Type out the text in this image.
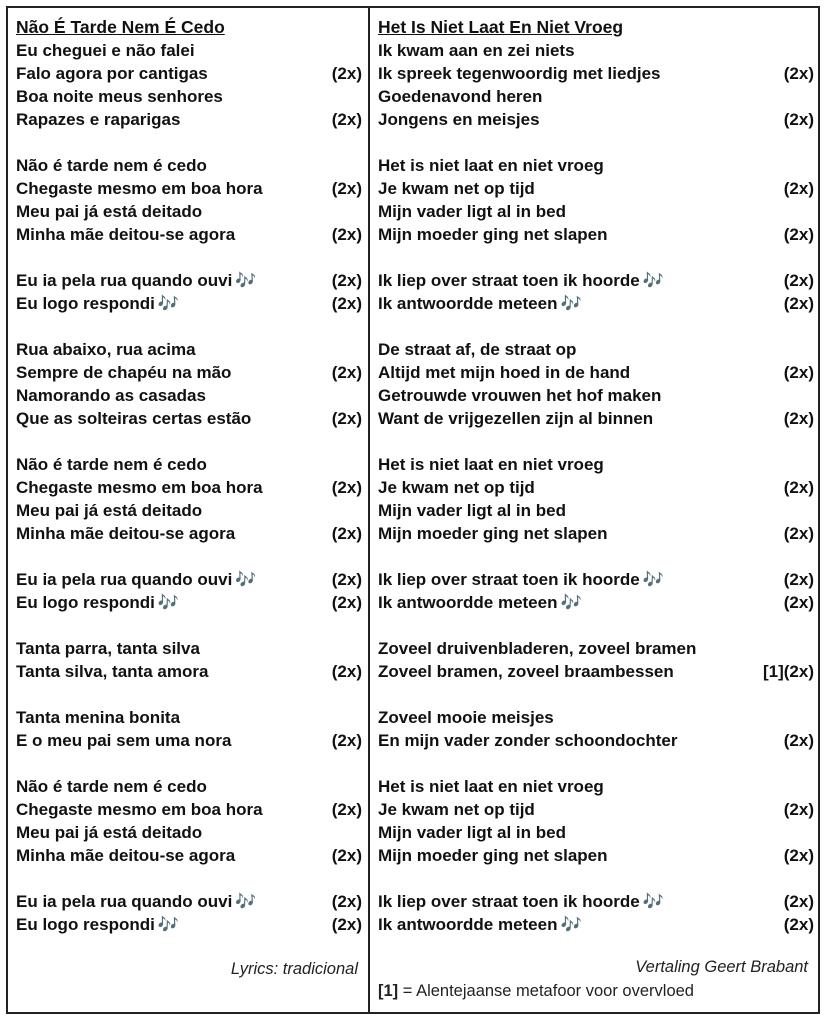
Não É Tarde Nem É Cedo
Eu cheguei e não falei
Falo agora por cantigas	(2x)
Boa noite meus senhores
Rapazes e raparigas	(2x)
Não é tarde nem é cedo
Chegaste mesmo em boa hora	(2x)
Meu pai já está deitado
Minha mãe deitou-se agora	(2x)
Eu ia pela rua quando ouvi 🎶	(2x)
Eu logo respondi 🎶	(2x)
Rua abaixo, rua acima
Sempre de chapéu na mão	(2x)
Namorando as casadas
Que as solteiras certas estão	(2x)
Não é tarde nem é cedo
Chegaste mesmo em boa hora	(2x)
Meu pai já está deitado
Minha mãe deitou-se agora	(2x)
Eu ia pela rua quando ouvi 🎶	(2x)
Eu logo respondi 🎶	(2x)
Tanta parra, tanta silva
Tanta silva, tanta amora	(2x)
Tanta menina bonita
E o meu pai sem uma nora	(2x)
Não é tarde nem é cedo
Chegaste mesmo em boa hora	(2x)
Meu pai já está deitado
Minha mãe deitou-se agora	(2x)
Eu ia pela rua quando ouvi 🎶	(2x)
Eu logo respondi 🎶	(2x)
Het Is Niet Laat En Niet Vroeg
Ik kwam aan en zei niets
Ik spreek tegenwoordig met liedjes	(2x)
Goedenavond heren
Jongens en meisjes	(2x)
Het is niet laat en niet vroeg
Je kwam net op tijd	(2x)
Mijn vader ligt al in bed
Mijn moeder ging net slapen	(2x)
Ik liep over straat toen ik hoorde 🎶	(2x)
Ik antwoordde meteen 🎶	(2x)
De straat af, de straat op
Altijd met mijn hoed in de hand	(2x)
Getrouwde vrouwen het hof maken
Want de vrijgezellen zijn al binnen	(2x)
Het is niet laat en niet vroeg
Je kwam net op tijd	(2x)
Mijn vader ligt al in bed
Mijn moeder ging net slapen	(2x)
Ik liep over straat toen ik hoorde 🎶	(2x)
Ik antwoordde meteen 🎶	(2x)
Zoveel druivenbladeren, zoveel bramen
Zoveel bramen, zoveel braambessen	[1](2x)
Zoveel mooie meisjes
En mijn vader zonder schoondochter	(2x)
Het is niet laat en niet vroeg
Je kwam net op tijd	(2x)
Mijn vader ligt al in bed
Mijn moeder ging net slapen	(2x)
Ik liep over straat toen ik hoorde 🎶	(2x)
Ik antwoordde meteen 🎶	(2x)
Lyrics: tradicional	Vertaling Geert Brabant
[1] = Alentejaanse metafoor voor overvloed
